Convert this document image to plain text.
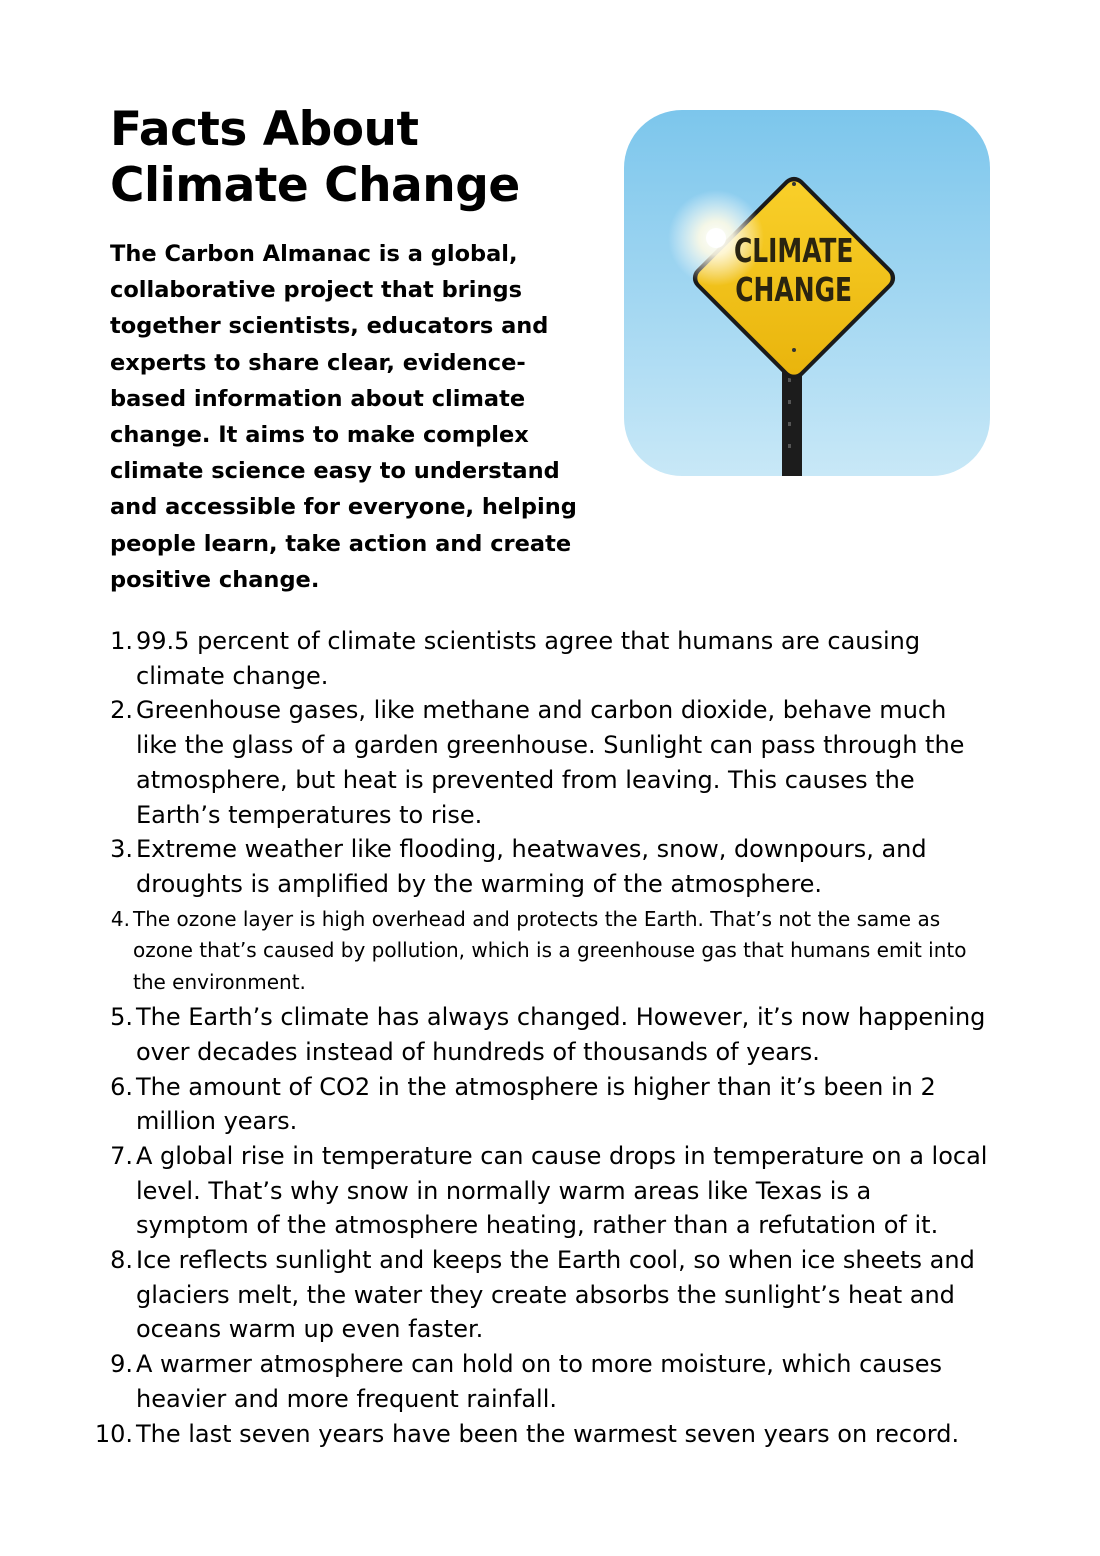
Facts About
Climate Change

The Carbon Almanac is a global, collaborative project that brings together scientists, educators and experts to share clear, evidence-based information about climate change. It aims to make complex climate science easy to understand and accessible for everyone, helping people learn, take action and create positive change.

CLIMATE
CHANGE
1. 99.5 percent of climate scientists agree that humans are causing climate change.
2. Greenhouse gases, like methane and carbon dioxide, behave much like the glass of a garden greenhouse. Sunlight can pass through the atmosphere, but heat is prevented from leaving. This causes the Earth’s temperatures to rise.
3. Extreme weather like flooding, heatwaves, snow, downpours, and droughts is amplified by the warming of the atmosphere.
4. The ozone layer is high overhead and protects the Earth. That’s not the same as ozone that’s caused by pollution, which is a greenhouse gas that humans emit into the environment.
5. The Earth’s climate has always changed. However, it’s now happening over decades instead of hundreds of thousands of years.
6. The amount of CO2 in the atmosphere is higher than it’s been in 2 million years.
7. A global rise in temperature can cause drops in temperature on a local level. That’s why snow in normally warm areas like Texas is a symptom of the atmosphere heating, rather than a refutation of it.
8. Ice reflects sunlight and keeps the Earth cool, so when ice sheets and glaciers melt, the water they create absorbs the sunlight’s heat and oceans warm up even faster.
9. A warmer atmosphere can hold on to more moisture, which causes heavier and more frequent rainfall.
10. The last seven years have been the warmest seven years on record.
